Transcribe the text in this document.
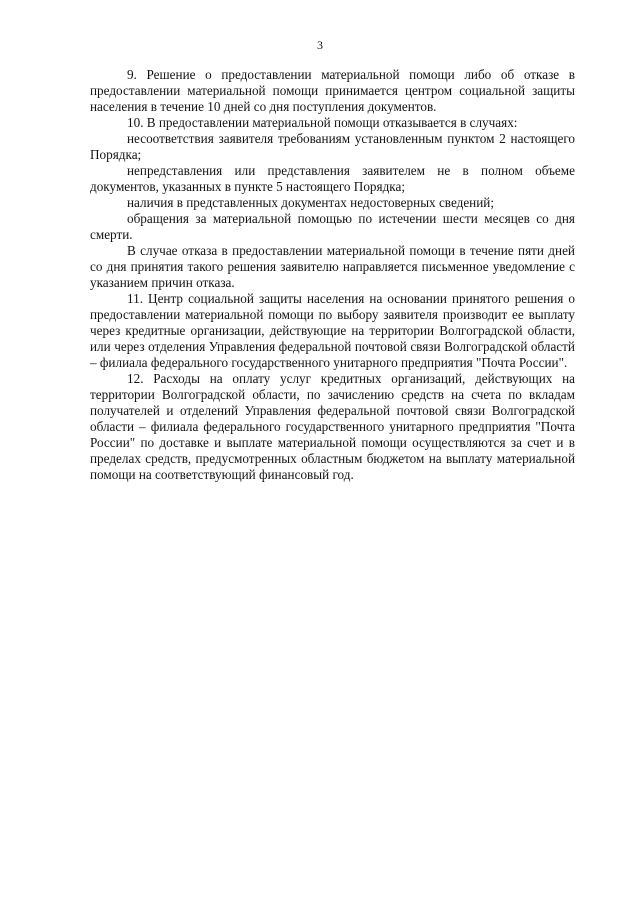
3

9. Решение о предоставлении материальной помощи либо об отказе в предоставлении материальной помощи принимается центром социальной защиты населения в течение 10 дней со дня поступления документов.

10. В предоставлении материальной помощи отказывается в случаях:

несоответствия заявителя требованиям установленным пунктом 2 настоящего Порядка;

непредставления или представления заявителем не в полном объеме документов, указанных в пункте 5 настоящего Порядка;

наличия в представленных документах недостоверных сведений;

обращения за материальной помощью по истечении шести месяцев со дня смерти.

В случае отказа в предоставлении материальной помощи в течение пяти дней со дня принятия такого решения заявителю направляется письменное уведомление с указанием причин отказа.

11. Центр социальной защиты населения на основании принятого решения о предоставлении материальной помощи по выбору заявителя производит ее выплату через кредитные организации, действующие на территории Волгоградской области, или через отделения Управления федеральной почтовой связи Волгоградской областй – филиала федерального государственного унитарного предприятия "Почта России".

12. Расходы на оплату услуг кредитных организаций, действующих на территории Волгоградской области, по зачислению средств на счета по вкладам получателей и отделений Управления федеральной почтовой связи Волгоградской области – филиала федерального государственного унитарного предприятия "Почта России" по доставке и выплате материальной помощи осуществляются за счет и в пределах средств, предусмотренных областным бюджетом на выплату материальной помощи на соответствующий финансовый год.
